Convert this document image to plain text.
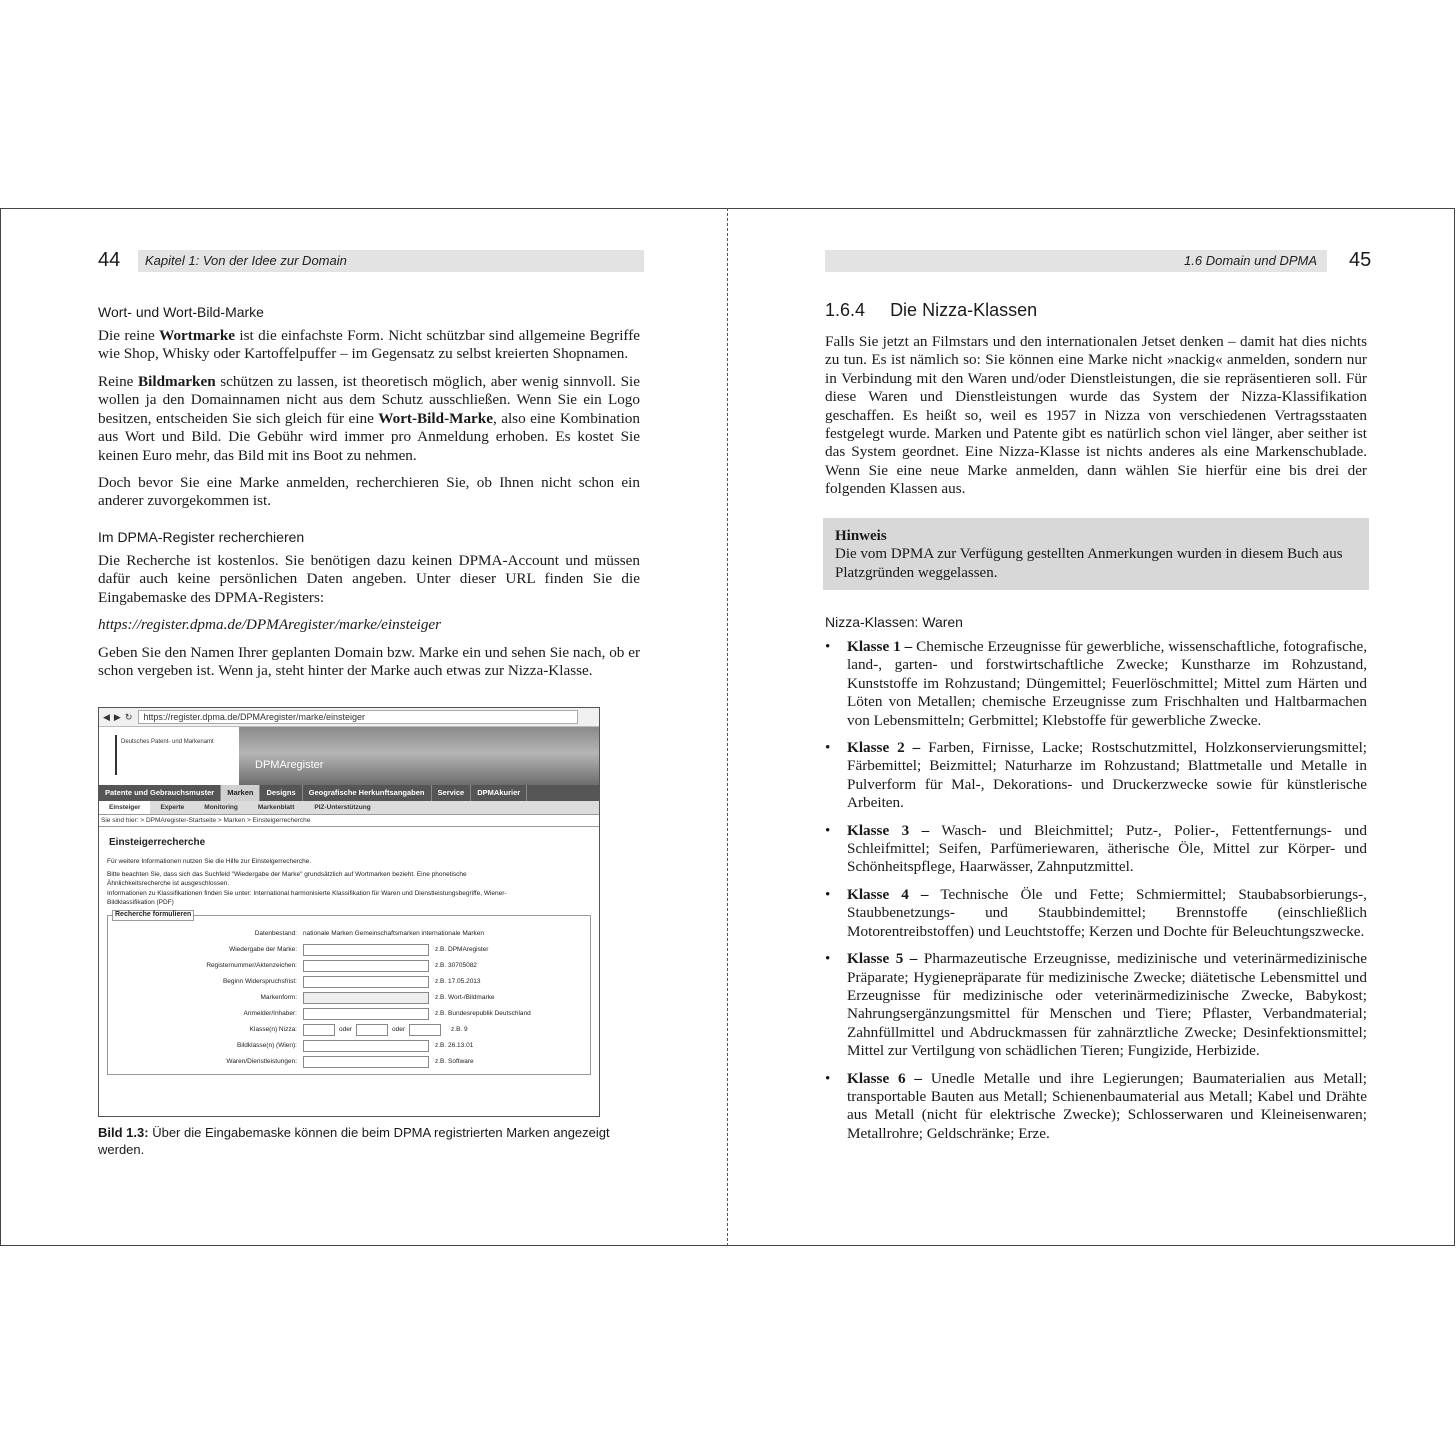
44	Kapitel 1: Von der Idee zur Domain
Wort- und Wort-Bild-Marke

Die reine Wortmarke ist die einfachste Form. Nicht schützbar sind allgemeine Begriffe wie Shop, Whisky oder Kartoffelpuffer – im Gegensatz zu selbst kreierten Shopnamen.

Reine Bildmarken schützen zu lassen, ist theoretisch möglich, aber wenig sinnvoll. Sie wollen ja den Domainnamen nicht aus dem Schutz ausschließen. Wenn Sie ein Logo besitzen, entscheiden Sie sich gleich für eine Wort-Bild-Marke, also eine Kombination aus Wort und Bild. Die Gebühr wird immer pro Anmeldung erhoben. Es kostet Sie keinen Euro mehr, das Bild mit ins Boot zu nehmen.

Doch bevor Sie eine Marke anmelden, recherchieren Sie, ob Ihnen nicht schon ein anderer zuvorgekommen ist.

Im DPMA-Register recherchieren

Die Recherche ist kostenlos. Sie benötigen dazu keinen DPMA-Account und müssen dafür auch keine persönlichen Daten angeben. Unter dieser URL finden Sie die Eingabemaske des DPMA-Registers:

https://register.dpma.de/DPMAregister/marke/einsteiger

Geben Sie den Namen Ihrer geplanten Domain bzw. Marke ein und sehen Sie nach, ob er schon vergeben ist. Wenn ja, steht hinter der Marke auch etwas zur Nizza-Klasse.

◀ ▶ ↻	https://register.dpma.de/DPMAregister/marke/einsteiger
Deutsches Patent- und Markenamt
DPMAregister
Patente und Gebrauchsmuster	Marken	Designs	Geografische Herkunftsangaben	Service	DPMAkurier
Einsteiger	Experte	Monitoring	Markenblatt	PIZ-Unterstützung
Sie sind hier: > DPMAregister-Startseite > Marken > Einsteigerrecherche
Einsteigerrecherche
Für weitere Informationen nutzen Sie die Hilfe zur Einsteigerrecherche.
Bitte beachten Sie, dass sich das Suchfeld "Wiedergabe der Marke" grundsätzlich auf Wortmarken bezieht. Eine phonetische Ähnlichkeitsrecherche ist ausgeschlossen.
Informationen zu Klassifikationen finden Sie unter: International harmonisierte Klassifikation für Waren und Dienstleistungsbegriffe, Wiener-Bildklassifikation (PDF)
Recherche formulieren
Datenbestand: nationale Marken Gemeinschaftsmarken internationale Marken
Wiedergabe der Marke:	z.B. DPMAregister
Registernummer/Aktenzeichen:	z.B. 30705082
Beginn Widerspruchsfrist:	z.B. 17.05.2013
Markenform:	z.B. Wort-/Bildmarke
Anmelder/Inhaber:	z.B. Bundesrepublik Deutschland
Klasse(n) Nizza:	oder	oder	z.B. 9
Bildklasse(n) (Wien):	z.B. 26.13.01
Waren/Dienstleistungen:	z.B. Software
Bild 1.3: Über die Eingabemaske können die beim DPMA registrierten Marken angezeigt werden.
1.6 Domain und DPMA	45
1.6.4 Die Nizza-Klassen

Falls Sie jetzt an Filmstars und den internationalen Jetset denken – damit hat dies nichts zu tun. Es ist nämlich so: Sie können eine Marke nicht »nackig« anmelden, sondern nur in Verbindung mit den Waren und/oder Dienstleistungen, die sie repräsentieren soll. Für diese Waren und Dienstleistungen wurde das System der Nizza-Klassifikation geschaffen. Es heißt so, weil es 1957 in Nizza von verschiedenen Vertragsstaaten festgelegt wurde. Marken und Patente gibt es natürlich schon viel länger, aber seither ist das System geordnet. Eine Nizza-Klasse ist nichts anderes als eine Markenschublade. Wenn Sie eine neue Marke anmelden, dann wählen Sie hierfür eine bis drei der folgenden Klassen aus.

Hinweis
Die vom DPMA zur Verfügung gestellten Anmerkungen wurden in diesem Buch aus Platzgründen weggelassen.
Nizza-Klassen: Waren
• Klasse 1 – Chemische Erzeugnisse für gewerbliche, wissenschaftliche, fotografische, land-, garten- und forstwirtschaftliche Zwecke; Kunstharze im Rohzustand, Kunststoffe im Rohzustand; Düngemittel; Feuerlöschmittel; Mittel zum Härten und Löten von Metallen; chemische Erzeugnisse zum Frischhalten und Haltbarmachen von Lebensmitteln; Gerbmittel; Klebstoffe für gewerbliche Zwecke.
• Klasse 2 – Farben, Firnisse, Lacke; Rostschutzmittel, Holzkonservierungsmittel; Färbemittel; Beizmittel; Naturharze im Rohzustand; Blattmetalle und Metalle in Pulverform für Mal-, Dekorations- und Druckerzwecke sowie für künstlerische Arbeiten.
• Klasse 3 – Wasch- und Bleichmittel; Putz-, Polier-, Fettentfernungs- und Schleifmittel; Seifen, Parfümeriewaren, ätherische Öle, Mittel zur Körper- und Schönheitspflege, Haarwässer, Zahnputzmittel.
• Klasse 4 – Technische Öle und Fette; Schmiermittel; Staubabsorbierungs-, Staubbenetzungs- und Staubbindemittel; Brennstoffe (einschließlich Motorentreibstoffen) und Leuchtstoffe; Kerzen und Dochte für Beleuchtungszwecke.
• Klasse 5 – Pharmazeutische Erzeugnisse, medizinische und veterinärmedizinische Präparate; Hygienepräparate für medizinische Zwecke; diätetische Lebensmittel und Erzeugnisse für medizinische oder veterinärmedizinische Zwecke, Babykost; Nahrungsergänzungsmittel für Menschen und Tiere; Pflaster, Verbandmaterial; Zahnfüllmittel und Abdruckmassen für zahnärztliche Zwecke; Desinfektionsmittel; Mittel zur Vertilgung von schädlichen Tieren; Fungizide, Herbizide.
• Klasse 6 – Unedle Metalle und ihre Legierungen; Baumaterialien aus Metall; transportable Bauten aus Metall; Schienenbaumaterial aus Metall; Kabel und Drähte aus Metall (nicht für elektrische Zwecke); Schlosserwaren und Kleineisenwaren; Metallrohre; Geldschränke; Erze.
